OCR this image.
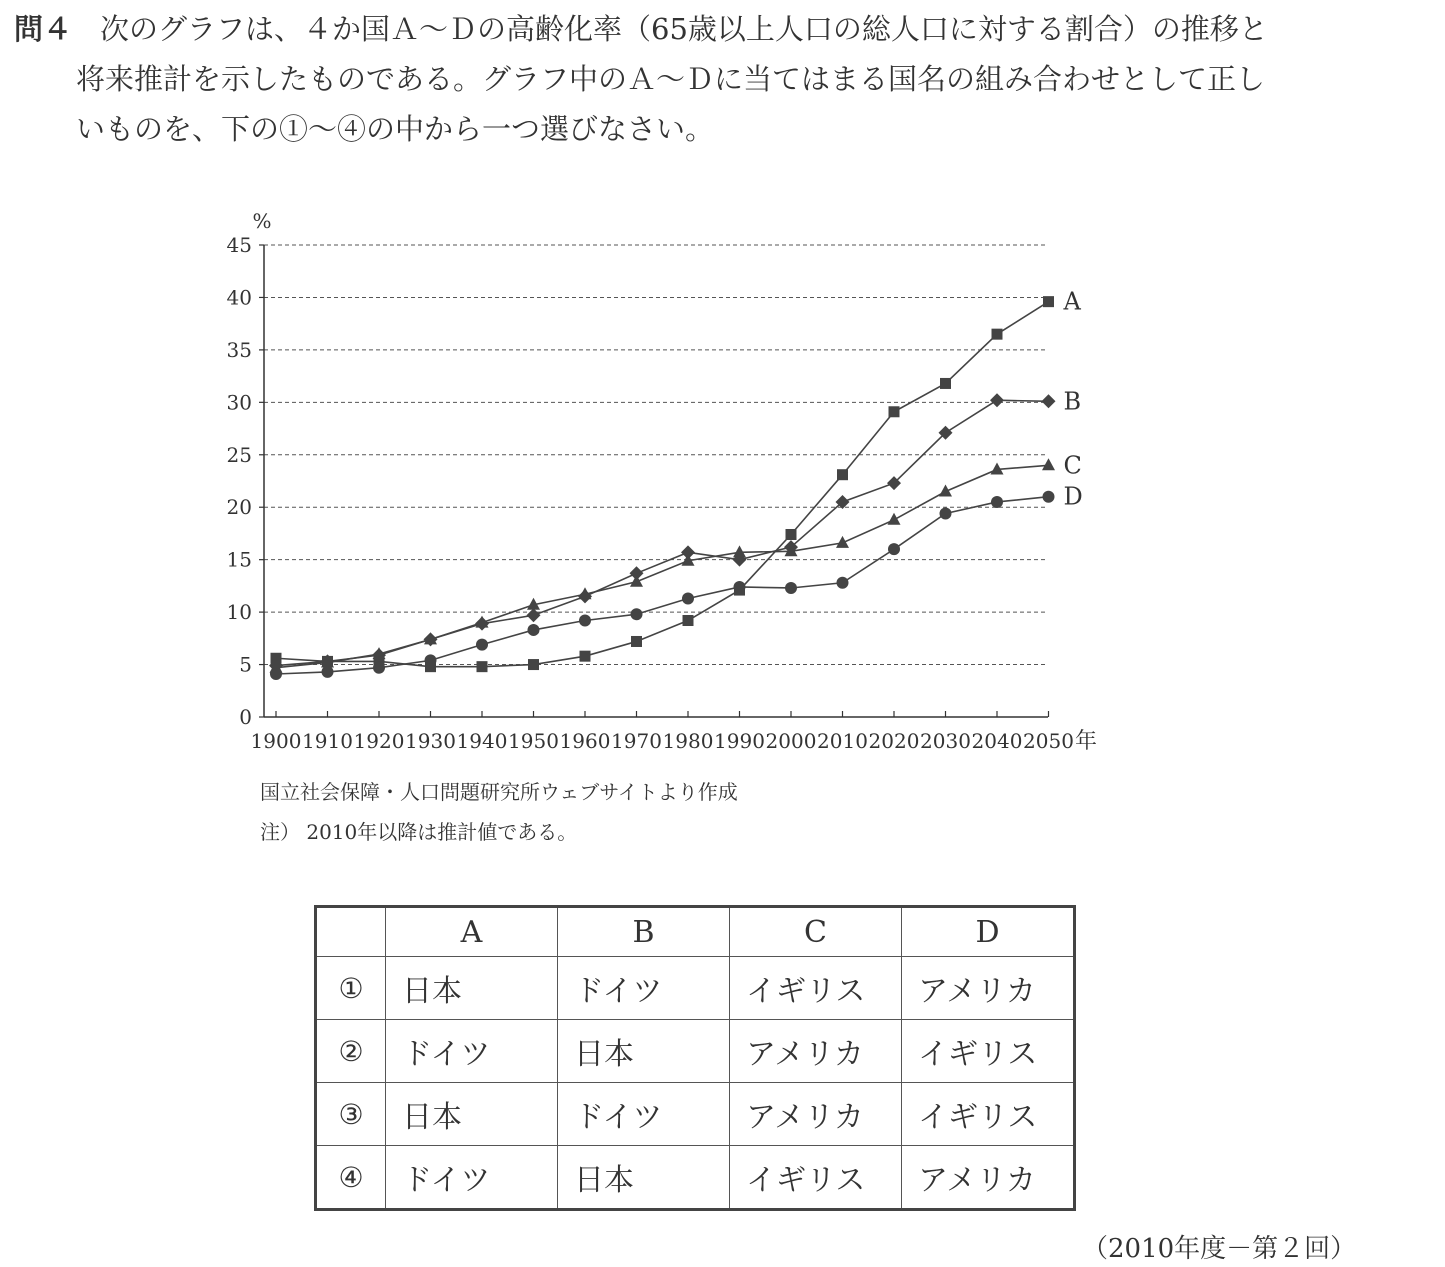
問４ 次のグラフは、４か国Ａ～Ｄの高齢化率（65歳以上人口の総人口に対する割合）の推移と
将来推計を示したものである。グラフ中のＡ～Ｄに当てはまる国名の組み合わせとして正し
いものを、下の①～④の中から一つ選びなさい。
%
年
0
5
10
15
20
25
30
35
40
45
1900 1910 1920 1930 1940 1950 1960 1970 1980 1990 2000 2010 2020 2030 2040 2050
A
B
C
D
国立社会保障・人口問題研究所ウェブサイトより作成
注） 2010年以降は推計値である。
	A	B	C	D
①	日本	ドイツ	イギリス	アメリカ
②	ドイツ	日本	アメリカ	イギリス
③	日本	ドイツ	アメリカ	イギリス
④	ドイツ	日本	イギリス	アメリカ
（2010年度－第２回）
